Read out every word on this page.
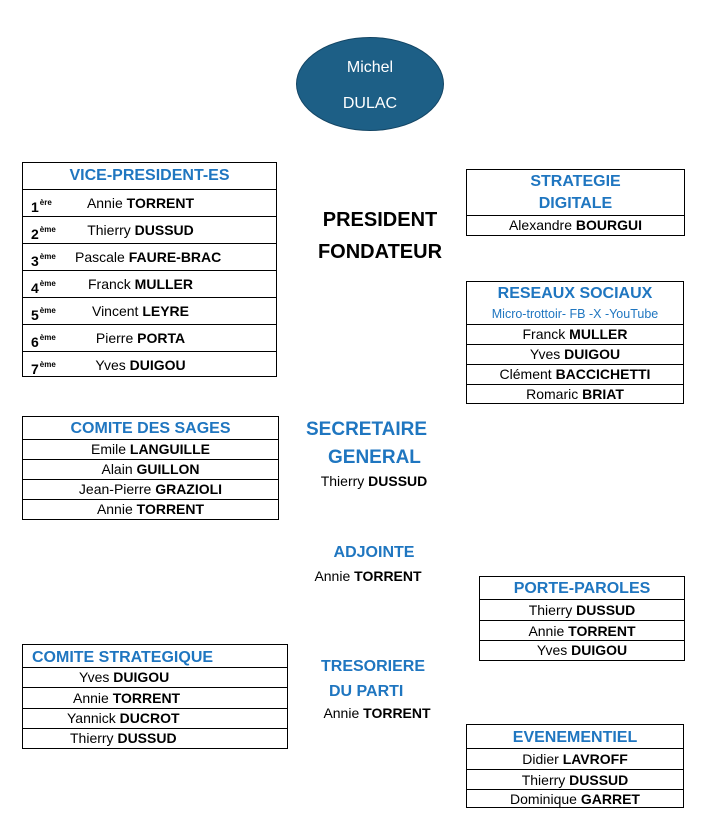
Michel
DULAC
PRESIDENT
FONDATEUR
VICE-PRESIDENT-ES
1ère	Annie TORRENT
2ème	Thierry DUSSUD
3ème Pascale FAURE-BRAC
4ème	Franck MULLER
5ème	Vincent LEYRE
6ème	Pierre PORTA
7ème	Yves DUIGOU
STRATEGIE
DIGITALE
Alexandre BOURGUI
RESEAUX SOCIAUX
Micro-trottoir- FB -X -YouTube
Franck MULLER
Yves DUIGOU
Clément BACCICHETTI
Romaric BRIAT
COMITE DES SAGES
Emile LANGUILLE
Alain GUILLON
Jean-Pierre GRAZIOLI
Annie TORRENT
SECRETAIRE
GENERAL
Thierry DUSSUD
ADJOINTE
Annie TORRENT
PORTE-PAROLES
Thierry DUSSUD
Annie TORRENT
Yves DUIGOU
COMITE STRATEGIQUE
Yves DUIGOU
Annie TORRENT
Yannick DUCROT
Thierry DUSSUD
TRESORIERE
DU PARTI
Annie TORRENT
EVENEMENTIEL
Didier LAVROFF
Thierry DUSSUD
Dominique GARRET
